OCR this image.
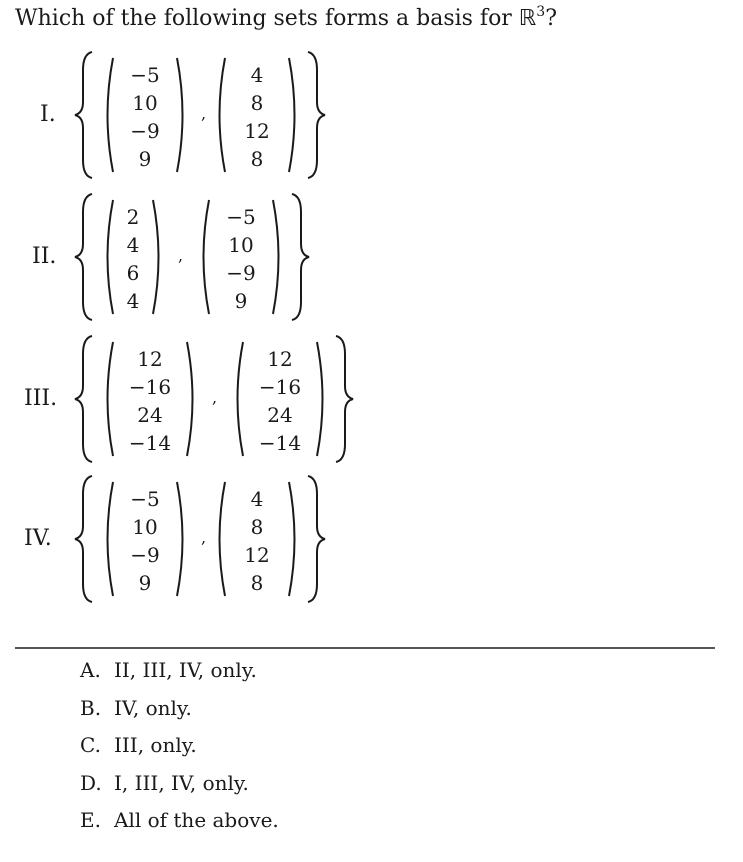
Which of the following sets forms a basis for ℝ$^3$?
I.
−5
10
−9
9
,
4
8
12
8
II.
2
4
6
4
,
−5
10
−9
9
III.
12
−16
24
−14
,
12
−16
24
−14
IV.
−5
10
−9
9
,
4
8
12
8
A. II, III, IV, only.
B. IV, only.
C. III, only.
D. I, III, IV, only.
E. All of the above.
